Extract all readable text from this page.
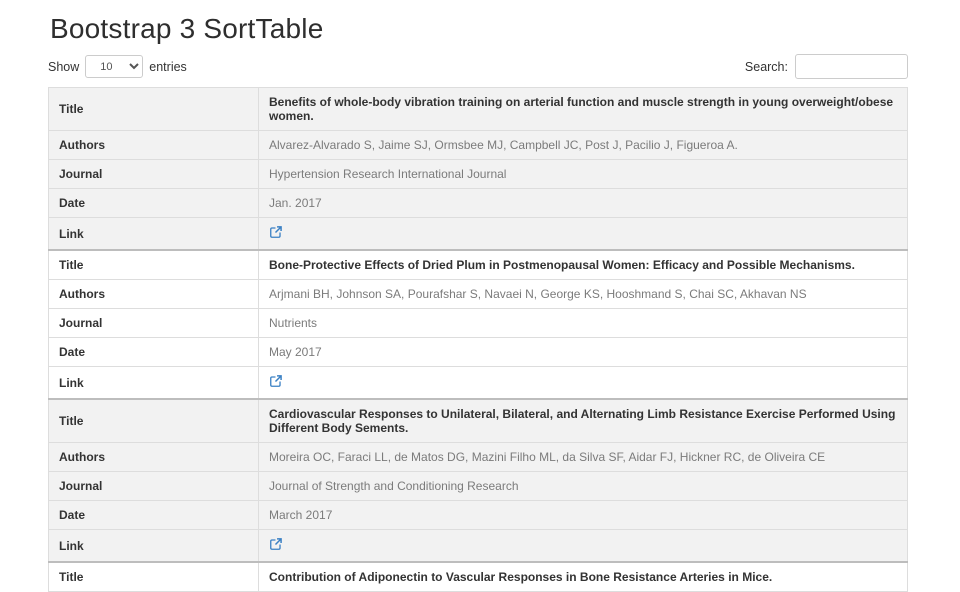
Bootstrap 3 SortTable
Show
10	entries	Search:
Title	Benefits of whole-body vibration training on arterial function and muscle strength in young overweight/obese women.
Authors	Alvarez-Alvarado S, Jaime SJ, Ormsbee MJ, Campbell JC, Post J, Pacilio J, Figueroa A.
Journal	Hypertension Research International Journal
Date	Jan. 2017
Link	

Title	Bone-Protective Effects of Dried Plum in Postmenopausal Women: Efficacy and Possible Mechanisms.
Authors	Arjmani BH, Johnson SA, Pourafshar S, Navaei N, George KS, Hooshmand S, Chai SC, Akhavan NS
Journal	Nutrients
Date	May 2017
Link	

Title	Cardiovascular Responses to Unilateral, Bilateral, and Alternating Limb Resistance Exercise Performed Using Different Body Sements.
Authors	Moreira OC, Faraci LL, de Matos DG, Mazini Filho ML, da Silva SF, Aidar FJ, Hickner RC, de Oliveira CE
Journal	Journal of Strength and Conditioning Research
Date	March 2017
Link	

Title	Contribution of Adiponectin to Vascular Responses in Bone Resistance Arteries in Mice.
